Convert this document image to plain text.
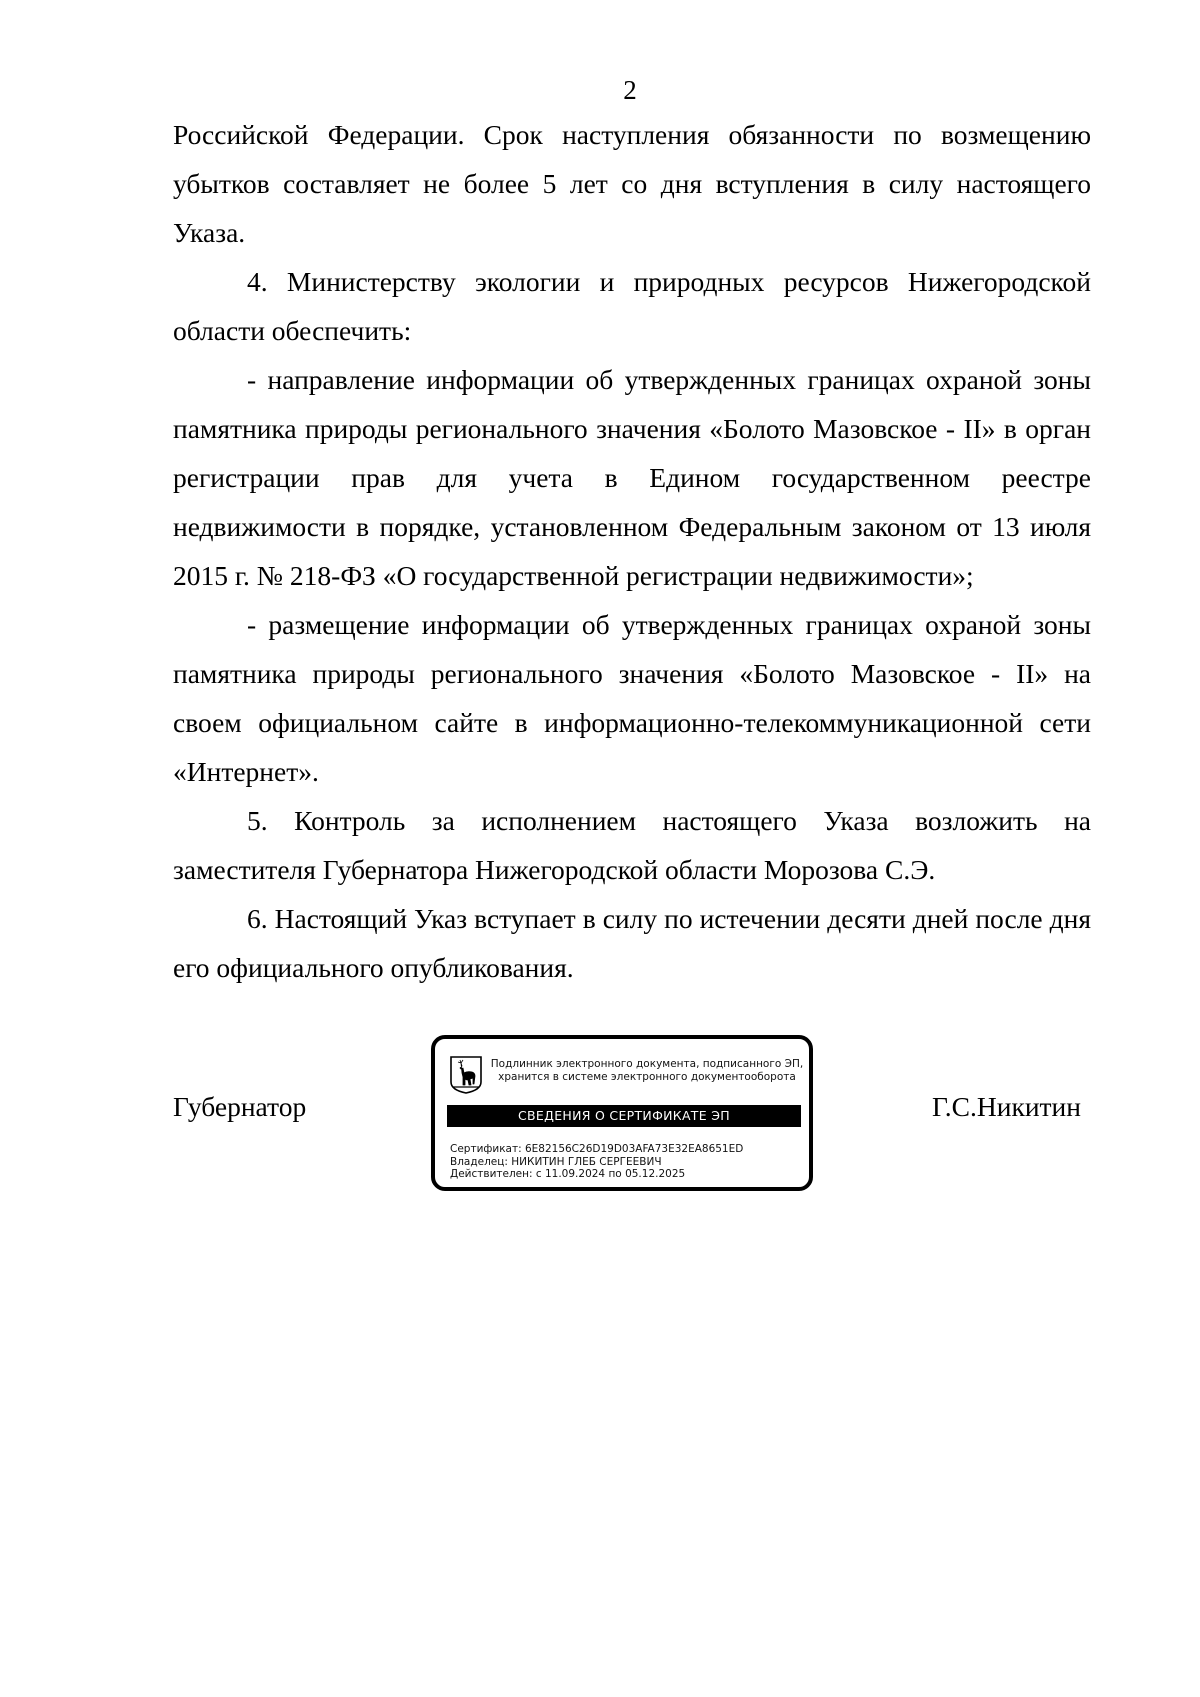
2

Российской Федерации. Срок наступления обязанности по возмещению убытков составляет не более 5 лет со дня вступления в силу настоящего Указа.

4. Министерству экологии и природных ресурсов Нижегородской области обеспечить:

- направление информации об утвержденных границах охраной зоны памятника природы регионального значения «Болото Мазовское - II» в орган регистрации прав для учета в Едином государственном реестре недвижимости в порядке, установленном Федеральным законом от 13 июля 2015 г. № 218-ФЗ «О государственной регистрации недвижимости»;

- размещение информации об утвержденных границах охраной зоны памятника природы регионального значения «Болото Мазовское - II» на своем официальном сайте в информационно-телекоммуникационной сети «Интернет».

5. Контроль за исполнением настоящего Указа возложить на заместителя Губернатора Нижегородской области Морозова С.Э.

6. Настоящий Указ вступает в силу по истечении десяти дней после дня его официального опубликования.

Губернатор	Г.С.Никитин
Подлинник электронного документа, подписанного ЭП,
хранится в системе электронного документооборота
СВЕДЕНИЯ О СЕРТИФИКАТЕ ЭП
Сертификат: 6E82156C26D19D03AFA73E32EA8651ED
Владелец: НИКИТИН ГЛЕБ СЕРГЕЕВИЧ
Действителен: с 11.09.2024 по 05.12.2025
